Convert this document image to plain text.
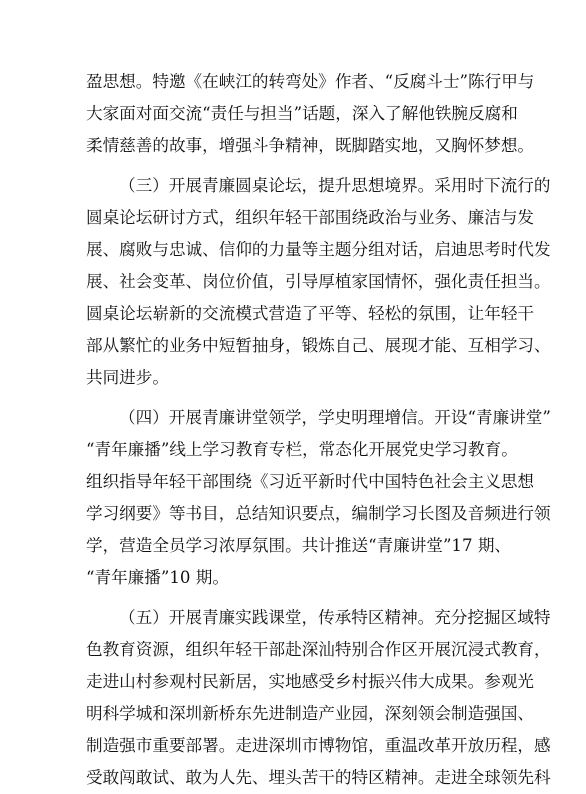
盈思想。特邀《在峡江的转弯处》作者、“反腐斗士”陈行甲与
大家面对面交流“责任与担当”话题，深入了解他铁腕反腐和
柔情慈善的故事，增强斗争精神，既脚踏实地，又胸怀梦想。
（三）开展青廉圆桌论坛，提升思想境界。采用时下流行的
圆桌论坛研讨方式，组织年轻干部围绕政治与业务、廉洁与发
展、腐败与忠诚、信仰的力量等主题分组对话，启迪思考时代发
展、社会变革、岗位价值，引导厚植家国情怀，强化责任担当。
圆桌论坛崭新的交流模式营造了平等、轻松的氛围，让年轻干
部从繁忙的业务中短暂抽身，锻炼自己、展现才能、互相学习、
共同进步。
（四）开展青廉讲堂领学，学史明理增信。开设“青廉讲堂”
“青年廉播”线上学习教育专栏，常态化开展党史学习教育。
组织指导年轻干部围绕《习近平新时代中国特色社会主义思想
学习纲要》等书目，总结知识要点，编制学习长图及音频进行领
学，营造全员学习浓厚氛围。共计推送“青廉讲堂”17 期、
“青年廉播”10 期。
（五）开展青廉实践课堂，传承特区精神。充分挖掘区域特
色教育资源，组织年轻干部赴深汕特别合作区开展沉浸式教育，
走进山村参观村民新居，实地感受乡村振兴伟大成果。参观光
明科学城和深圳新桥东先进制造产业园，深刻领会制造强国、
制造强市重要部署。走进深圳市博物馆，重温改革开放历程，感
受敢闯敢试、敢为人先、埋头苦干的特区精神。走进全球领先科
